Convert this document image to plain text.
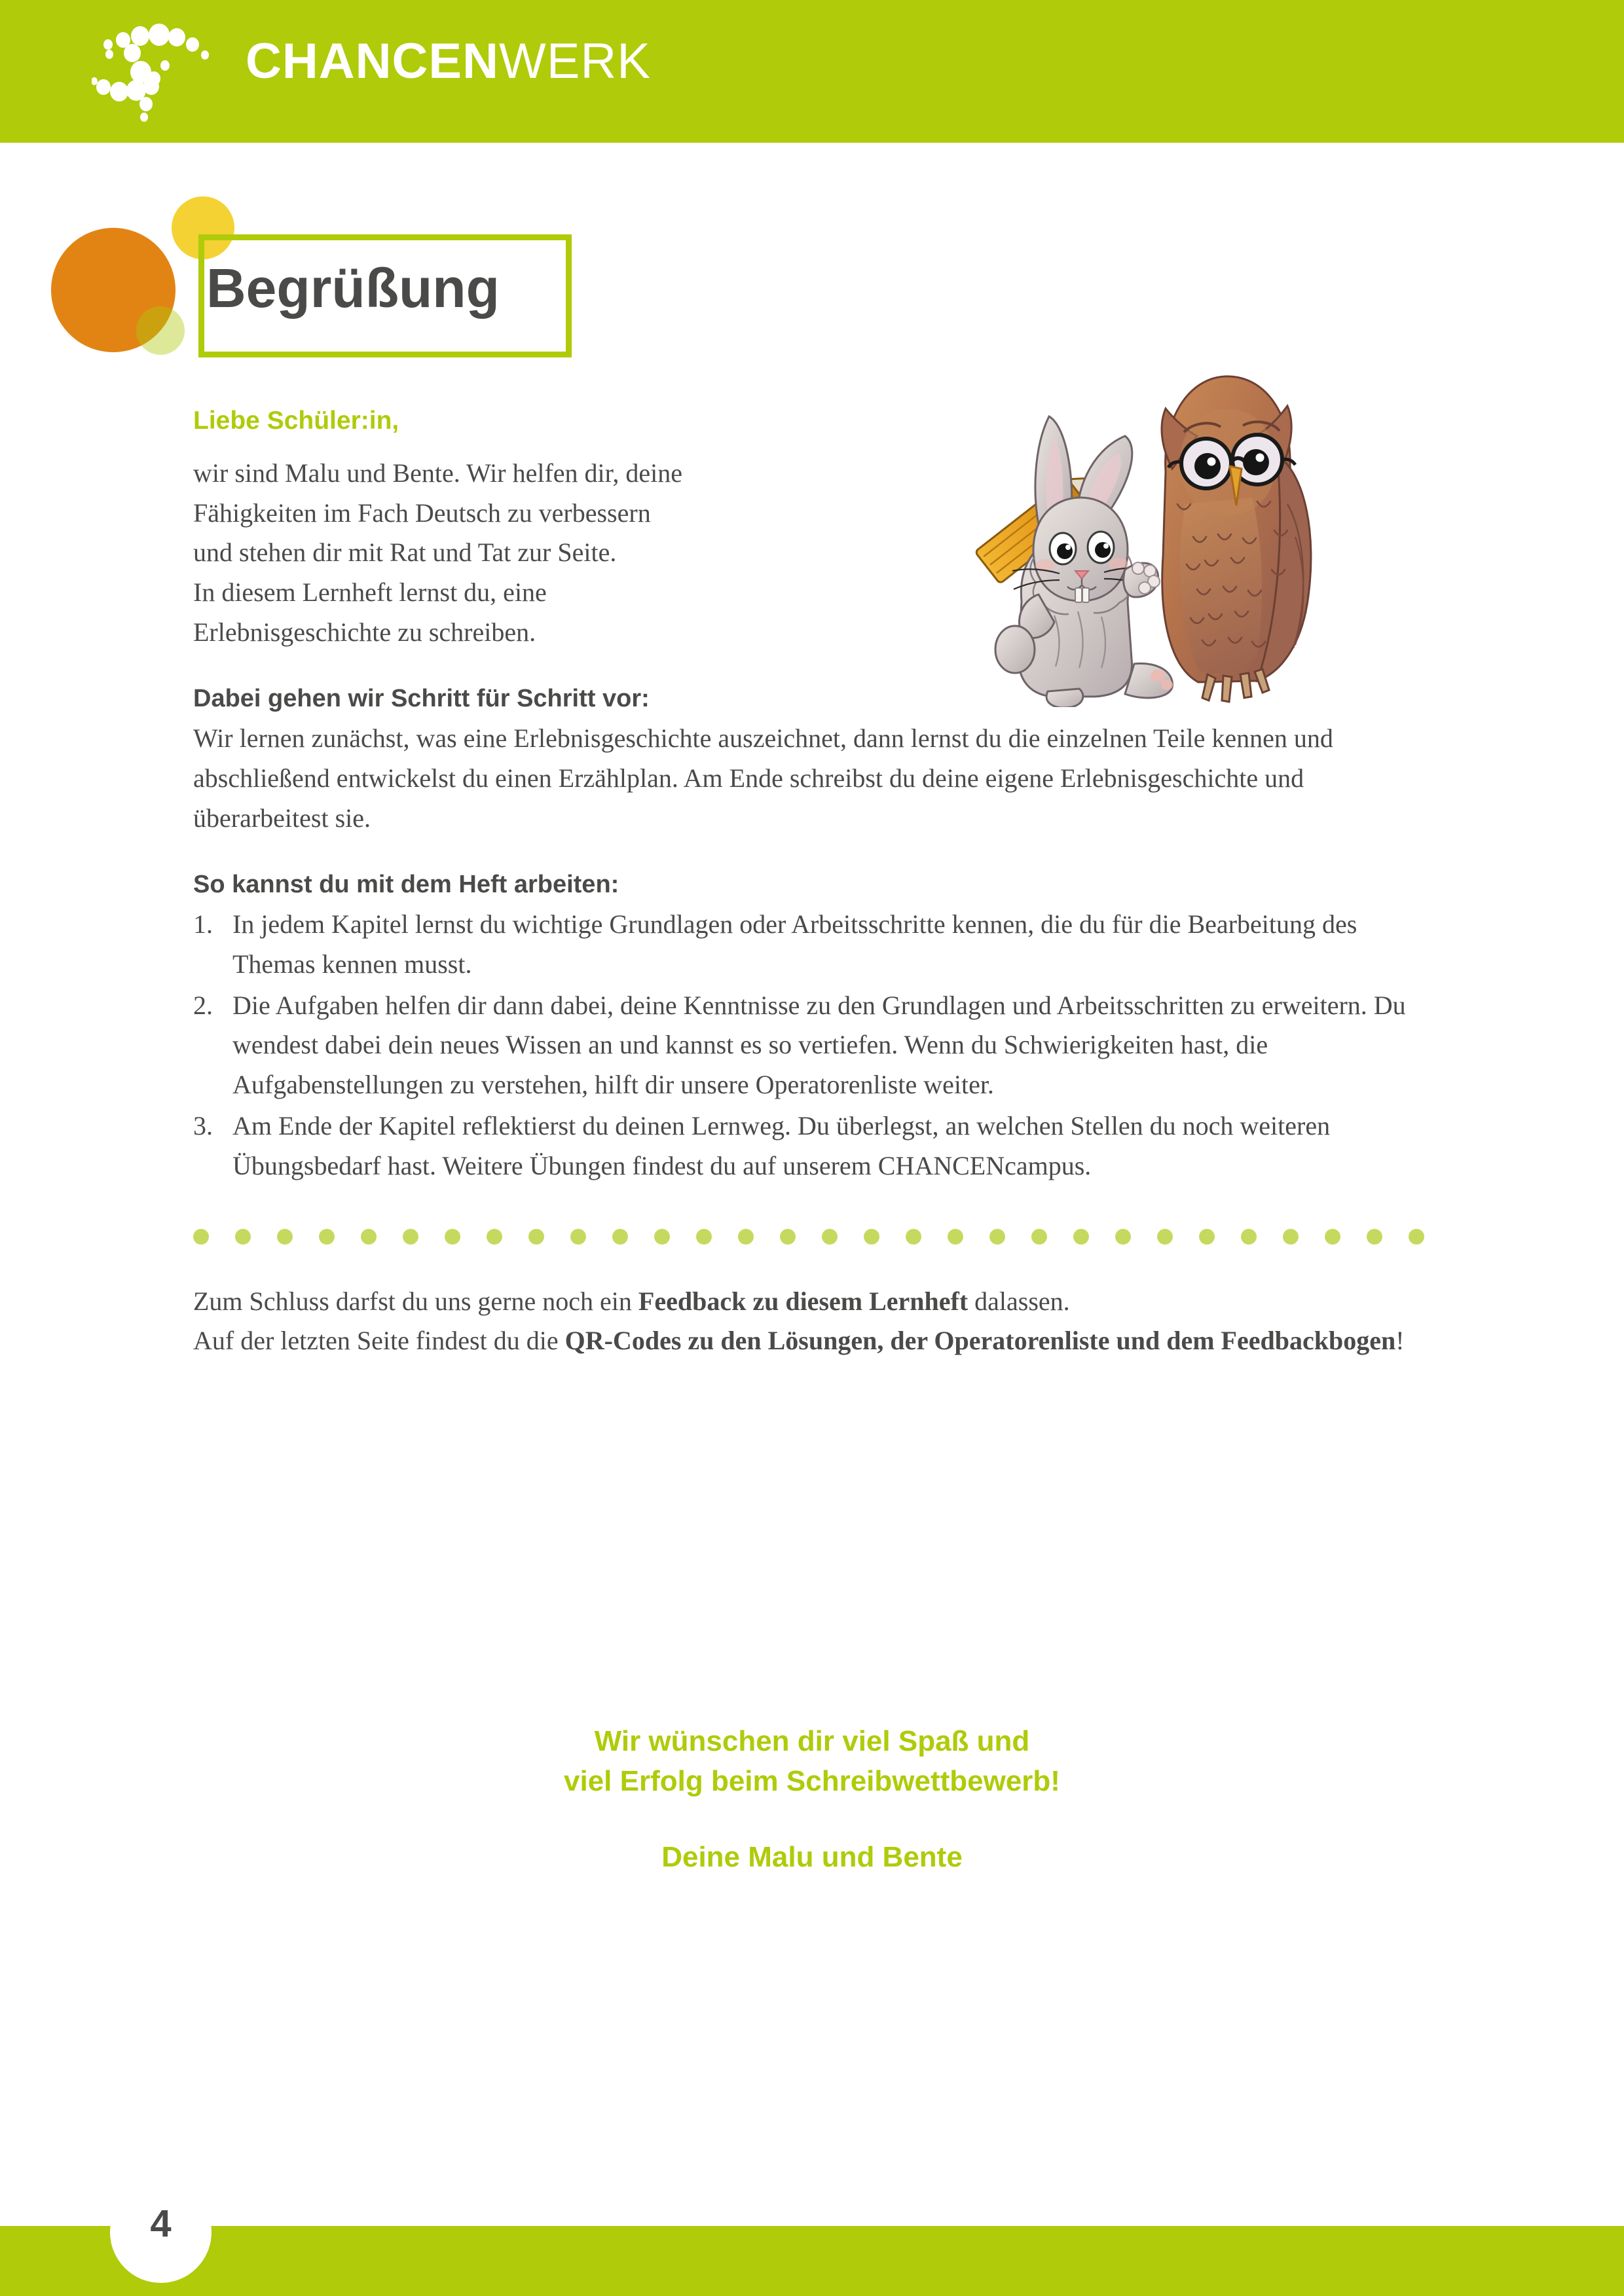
CHANCENWERK
Begrüßung

Liebe Schüler:in,

wir sind Malu und Bente. Wir helfen dir, deine Fähigkeiten im Fach Deutsch zu verbessern und stehen dir mit Rat und Tat zur Seite.
In diesem Lernheft lernst du, eine Erlebnisgeschichte zu schreiben.

Dabei gehen wir Schritt für Schritt vor:

Wir lernen zunächst, was eine Erlebnisgeschichte auszeichnet, dann lernst du die einzelnen Teile kennen und abschließend entwickelst du einen Erzählplan. Am Ende schreibst du deine eigene Erlebnisgeschichte und überarbeitest sie.

So kannst du mit dem Heft arbeiten:

In jedem Kapitel lernst du wichtige Grundlagen oder Arbeitsschritte kennen, die du für die Bearbeitung des Themas kennen musst.
Die Aufgaben helfen dir dann dabei, deine Kenntnisse zu den Grundlagen und Arbeitsschritten zu erweitern. Du wendest dabei dein neues Wissen an und kannst es so vertiefen. Wenn du Schwierigkeiten hast, die Aufgabenstellungen zu verstehen, hilft dir unsere Operatorenliste weiter.
Am Ende der Kapitel reflektierst du deinen Lernweg. Du überlegst, an welchen Stellen du noch weiteren Übungsbedarf hast. Weitere Übungen findest du auf unserem CHANCENcampus.

Zum Schluss darfst du uns gerne noch ein Feedback zu diesem Lernheft dalassen.
Auf der letzten Seite findest du die QR-Codes zu den Lösungen, der Operatorenliste und dem Feedbackbogen!

Wir wünschen dir viel Spaß und
viel Erfolg beim Schreibwettbewerb!
Deine Malu und Bente
4
